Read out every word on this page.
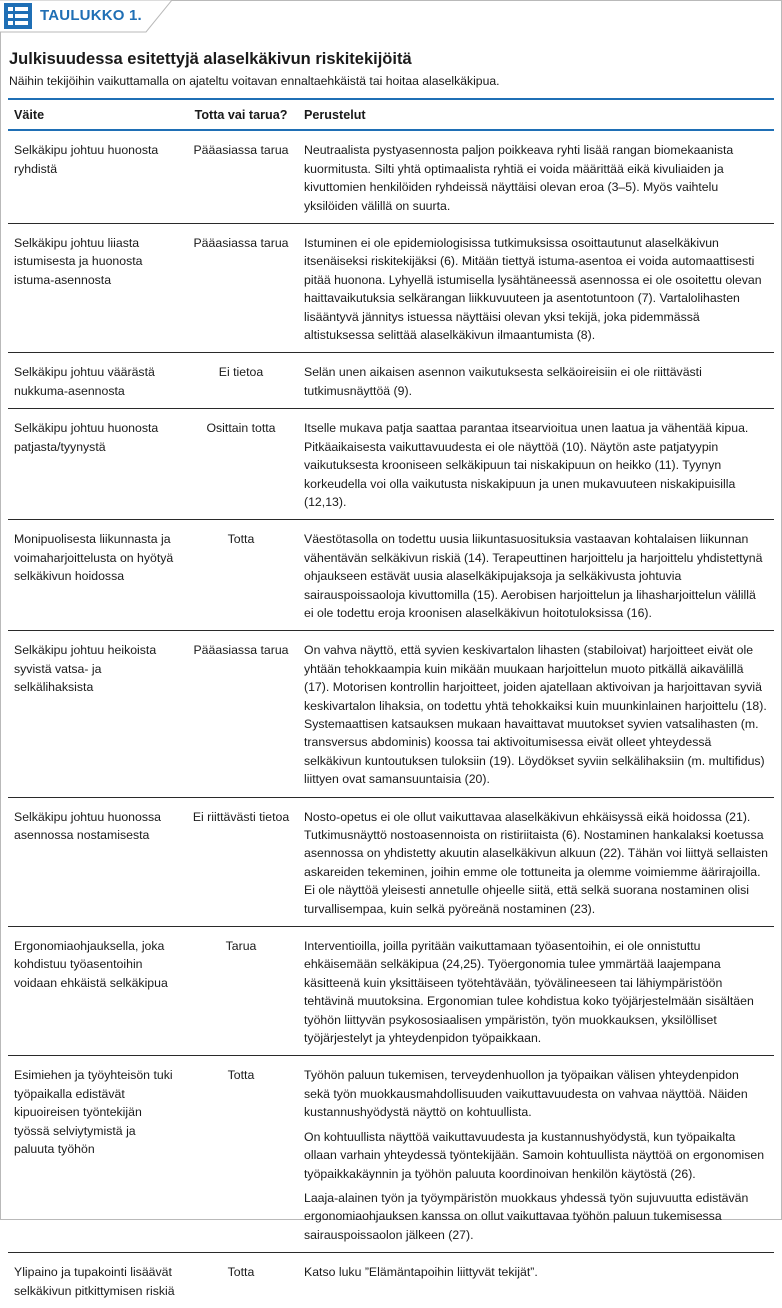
TAULUKKO 1.
Julkisuudessa esitettyjä alaselkäkivun riskitekijöitä
Näihin tekijöihin vaikuttamalla on ajateltu voitavan ennaltaehkäistä tai hoitaa alaselkäkipua.
Väite	Totta vai tarua?	Perustelut
Selkäkipu johtuu huonosta ryhdistä	Pääasiassa tarua	Neutraalista pystyasennosta paljon poikkeava ryhti lisää rangan biomekaanista kuormitusta. Silti yhtä optimaalista ryhtiä ei voida määrittää eikä kivuliaiden ja kivuttomien henkilöiden ryhdeissä näyttäisi olevan eroa (3–5). Myös vaihtelu yksilöiden välillä on suurta.

Selkäkipu johtuu liiasta istumisesta ja huonosta istuma-asennosta	Pääasiassa tarua	Istuminen ei ole epidemiologisissa tutkimuksissa osoittautunut alaselkäkivun itsenäiseksi riskitekijäksi (6). Mitään tiettyä istuma-asentoa ei voida automaattisesti pitää huonona. Lyhyellä istumisella lysähtäneessä asennossa ei ole osoitettu olevan haittavaikutuksia selkärangan liikkuvuuteen ja asentotuntoon (7). Vartalolihasten lisääntyvä jännitys istuessa näyttäisi olevan yksi tekijä, joka pidemmässä altistuksessa selittää alaselkäkivun ilmaantumista (8).

Selkäkipu johtuu väärästä nukkuma-asennosta	Ei tietoa	Selän unen aikaisen asennon vaikutuksesta selkäoireisiin ei ole riittävästi tutkimusnäyttöä (9).

Selkäkipu johtuu huonosta patjasta/tyynystä	Osittain totta	Itselle mukava patja saattaa parantaa itsearvioitua unen laatua ja vähentää kipua. Pitkäaikaisesta vaikuttavuudesta ei ole näyttöä (10). Näytön aste patjatyypin vaikutuksesta krooniseen selkäkipuun tai niskakipuun on heikko (11). Tyynyn korkeudella voi olla vaikutusta niskakipuun ja unen mukavuuteen niskakipuisilla (12,13).

Monipuolisesta liikunnasta ja voimaharjoittelusta on hyötyä selkäkivun hoidossa	Totta	Väestötasolla on todettu uusia liikuntasuosituksia vastaavan kohtalaisen liikunnan vähentävän selkäkivun riskiä (14). Terapeuttinen harjoittelu ja harjoittelu yhdistettynä ohjaukseen estävät uusia alaselkäkipujaksoja ja selkäkivusta johtuvia sairauspoissaoloja kivuttomilla (15). Aerobisen harjoittelun ja lihasharjoittelun välillä ei ole todettu eroja kroonisen alaselkäkivun hoitotuloksissa (16).

Selkäkipu johtuu heikoista syvistä vatsa- ja selkälihaksista	Pääasiassa tarua	On vahva näyttö, että syvien keskivartalon lihasten (stabiloivat) harjoitteet eivät ole yhtään tehokkaampia kuin mikään muukaan harjoittelun muoto pitkällä aikavälillä (17). Motorisen kontrollin harjoitteet, joiden ajatellaan aktivoivan ja harjoittavan syviä keskivartalon lihaksia, on todettu yhtä tehokkaiksi kuin muunkinlainen harjoittelu (18). Systemaattisen katsauksen mukaan havaittavat muutokset syvien vatsalihasten (m. transversus abdominis) koossa tai aktivoitumisessa eivät olleet yhteydessä selkäkivun kuntoutuksen tuloksiin (19). Löydökset syviin selkälihaksiin (m. multifidus) liittyen ovat samansuuntaisia (20).

Selkäkipu johtuu huonossa asennossa nostamisesta	Ei riittävästi tietoa	Nosto-opetus ei ole ollut vaikuttavaa alaselkäkivun ehkäisyssä eikä hoidossa (21). Tutkimusnäyttö nostoasennoista on ristiriitaista (6). Nostaminen hankalaksi koetussa asennossa on yhdistetty akuutin alaselkäkivun alkuun (22). Tähän voi liittyä sellaisten askareiden tekeminen, joihin emme ole tottuneita ja olemme voimiemme äärirajoilla. Ei ole näyttöä yleisesti annetulle ohjeelle siitä, että selkä suorana nostaminen olisi turvallisempaa, kuin selkä pyöreänä nostaminen (23).

Ergonomiaohjauksella, joka kohdistuu työasentoihin voidaan ehkäistä selkäkipua	Tarua	Interventioilla, joilla pyritään vaikuttamaan työasentoihin, ei ole onnistuttu ehkäisemään selkäkipua (24,25). Työergonomia tulee ymmärtää laajempana käsitteenä kuin yksittäiseen työtehtävään, työvälineeseen tai lähiympäristöön tehtävinä muutoksina. Ergonomian tulee kohdistua koko työjärjestelmään sisältäen työhön liittyvän psykososiaalisen ympäristön, työn muokkauksen, yksilölliset työjärjestelyt ja yhteydenpidon työpaikkaan.

Esimiehen ja työyhteisön tuki työpaikalla edistävät kipuoireisen työntekijän työssä selviytymistä ja paluuta työhön	Totta	Työhön paluun tukemisen, terveydenhuollon ja työpaikan välisen yhteydenpidon sekä työn muokkausmahdollisuuden vaikuttavuudesta on vahvaa näyttöä. Näiden kustannushyödystä näyttö on kohtuullista.

On kohtuullista näyttöä vaikuttavuudesta ja kustannushyödystä, kun työpaikalta ollaan varhain yhteydessä työntekijään. Samoin kohtuullista näyttöä on ergonomisen työpaikkakäynnin ja työhön paluuta koordinoivan henkilön käytöstä (26).

Laaja-alainen työn ja työympäristön muokkaus yhdessä työn sujuvuutta edistävän ergonomiaohjauksen kanssa on ollut vaikuttavaa työhön paluun tukemisessa sairauspoissaolon jälkeen (27).

Ylipaino ja tupakointi lisäävät selkäkivun pitkittymisen riskiä	Totta	Katso luku ”Elämäntapoihin liittyvät tekijät”.
